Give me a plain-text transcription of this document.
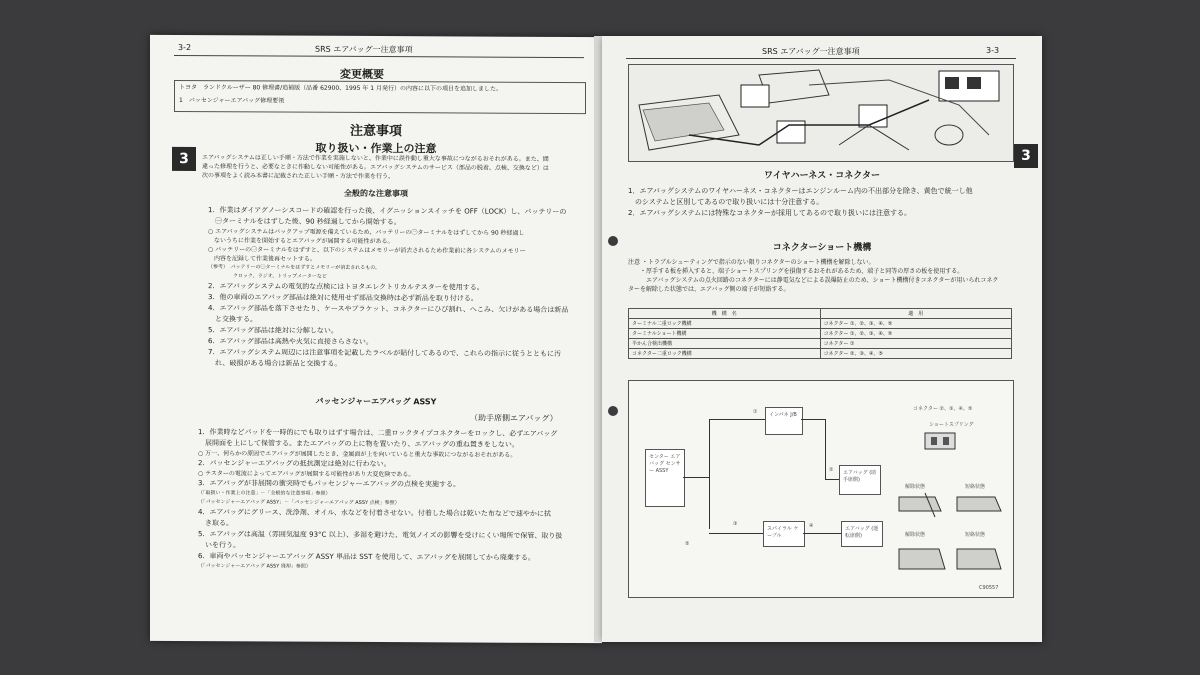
3-2	SRS エアバッグ一注意事項
変更概要
トヨタ　ランドクルーザー 80 修理書/追補版（品番 62900、1995 年 1 月発行）の内容に以下の項目を追加しました。
1　パッセンジャーエアバッグ修理要領
3
注意事項
取り扱い・作業上の注意
エアバッグシステムは正しい手順・方法で作業を実施しないと、作業中に誤作動し重大な事故につながるおそれがある。また、間
違った修理を行うと、必要なときに作動しない可能性がある。エアバッグシステムのサービス（部品の脱着、点検、交換など）は
次の事項をよく読み本書に記載された正しい手順・方法で作業を行う。
全般的な注意事項
1．作業はダイアグノーシスコードの確認を行った後、イグニッションスイッチを OFF（LOCK）し、バッテリーの
　㊀ターミナルをはずした後、90 秒経過してから開始する。
○ エアバッグシステムはバックアップ電源を備えているため、バッテリーの㊀ターミナルをはずしてから 90 秒経過し
　ないうちに作業を開始するとエアバッグが展開する可能性がある。
○ バッテリーの㊀ターミナルをはずすと、以下のシステムはメモリーが消去されるため作業前に各システムのメモリー
　内容を記録して作業後再セットする。
（参考）　バッテリーの㊀ターミナルをはずすとメモリーが消去されるもの。
　　　　　クロック、ラジオ、トリップメーターなど
2．エアバッグシステムの電気的な点検にはトヨタエレクトリカルテスターを使用する。
3．他の車両のエアバッグ部品は絶対に使用せず部品交換時は必ず新品を取り付ける。
4．エアバッグ部品を落下させたり、ケースやブラケット、コネクターにひび割れ、へこみ、欠けがある場合は新品
　と交換する。
5．エアバッグ部品は絶対に分解しない。
6．エアバッグ部品は高熱や火気に直接さらさない。
7．エアバッグシステム周辺には注意事項を記載したラベルが貼付してあるので、これらの指示に従うとともに汚
　れ、破損がある場合は新品と交換する。
パッセンジャーエアバッグ ASSY
（助手席側エアバッグ）
1．作業時などパッドを一時的にでも取りはずす場合は、二重ロックタイプコネクターをロックし、必ずエアバッグ
　展開面を上にして保管する。またエアバッグの上に物を置いたり、エアバッグの重ね置きをしない。
○ 万一、何らかの原因でエアバッグが展開したとき、金属面が上を向いていると重大な事故につながるおそれがある。
2．パッセンジャーエアバッグの抵抗測定は絶対に行わない。
○ テスターの電流によってエアバッグが展開する可能性があり大変危険である。
3．エアバッグが非展開の衝突時でもパッセンジャーエアバッグの点検を実施する。
（「取扱い・作業上の注意」－「全般的な注意事項」参照）
（「パッセンジャーエアバッグ ASSY」－「パッセンジャーエアバッグ ASSY 点検」参照）
4．エアバッグにグリース、洗浄剤、オイル、水などを付着させない。付着した場合は乾いた布などで速やかに拭
　き取る。
5．エアバッグは高温（雰囲気温度 93°C 以上）、多湿を避けた、電気ノイズの影響を受けにくい場所で保管、取り扱
　いを行う。
6．車両やパッセンジャーエアバッグ ASSY 単品は SST を使用して、エアバッグを展開してから廃棄する。
（「パッセンジャーエアバッグ ASSY 廃却」参照）
SRS エアバッグ一注意事項	3-3
3
ワイヤハーネス・コネクター
1．エアバッグシステムのワイヤハーネス・コネクターはエンジンルーム内の不出部分を除き、黄色で統一し他
　のシステムと区別してあるので取り扱いには十分注意する。
2．エアバッグシステムには特殊なコネクターが採用してあるので取り扱いには注意する。
コネクターショート機構
注意 ・トラブルシューティングで指示のない限りコネクターのショート機構を解除しない。
　　・厚手する板を挿入すると、端子ショートスプリングを損傷するおそれがあるため、端子と同等の厚さの板を使用する。
　　　エアバッグシステムの点火回路のコネクターには静電気などによる誤爆防止のため、ショート機構付きコネクターが用いられコネク
ターを解除した状態では、エアバッグ側の端子が短絡する。
機　構　名	適　用
ターミナル二重ロック機構	コネクター ①、②、③、④、⑤
ターミナルショート機構	コネクター ①、②、③、④、⑤
半かん合検出機構	コネクター ①
コネクター二重ロック機構	コネクター ②、③、④、⑤
センター エアバッグ センサー ASSY
インパネ J/B
エアバッグ (助手席側)
スパイラル ケーブル
エアバッグ (運転席側)
①
②
③	④
⑤
コネクター ②、③、④、⑤
ショートスプリング
解除状態	短絡状態
解除状態	短絡状態
C90557
